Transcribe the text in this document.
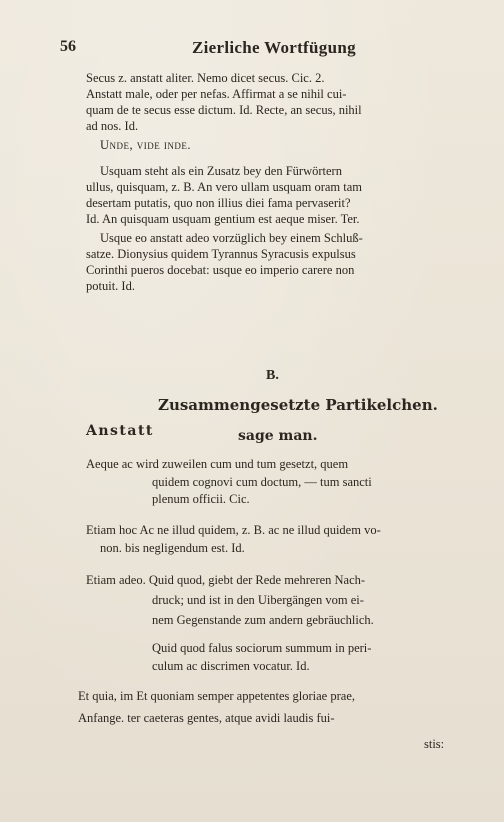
56	Zierliche Wortfügung
Secus z. anstatt aliter. Nemo dicet secus. Cic. 2.
Anstatt male, oder per nefas. Affirmat a se nihil cui-
quam de te secus esse dictum. Id. Recte, an secus, nihil
ad nos. Id.
Unde, vide inde.
Usquam steht als ein Zusatz bey den Fürwörtern
ullus, quisquam, z. B. An vero ullam usquam oram tam
desertam putatis, quo non illius diei fama pervaserit?
Id. An quisquam usquam gentium est aeque miser. Ter.
Usque eo anstatt adeo vorzüglich bey einem Schluß-
satze. Dionysius quidem Tyrannus Syracusis expulsus
Corinthi pueros docebat: usque eo imperio carere non
potuit. Id.
B.
Zusammengesetzte Partikelchen.
Anstatt	sage man.
Aeque ac wird zuweilen cum und tum gesetzt, quem
quidem cognovi cum doctum, — tum sancti
plenum officii. Cic.
Etiam hoc Ac ne illud quidem, z. B. ac ne illud quidem vo-
non. bis negligendum est. Id.
Etiam adeo. Quid quod, giebt der Rede mehreren Nach-
druck; und ist in den Uibergängen vom ei-
nem Gegenstande zum andern gebräuchlich.
Quid quod falus sociorum summum in peri-
culum ac discrimen vocatur. Id.
Et quia, im Et quoniam semper appetentes gloriae prae,
Anfange. ter caeteras gentes, atque avidi laudis fui-
stis:
